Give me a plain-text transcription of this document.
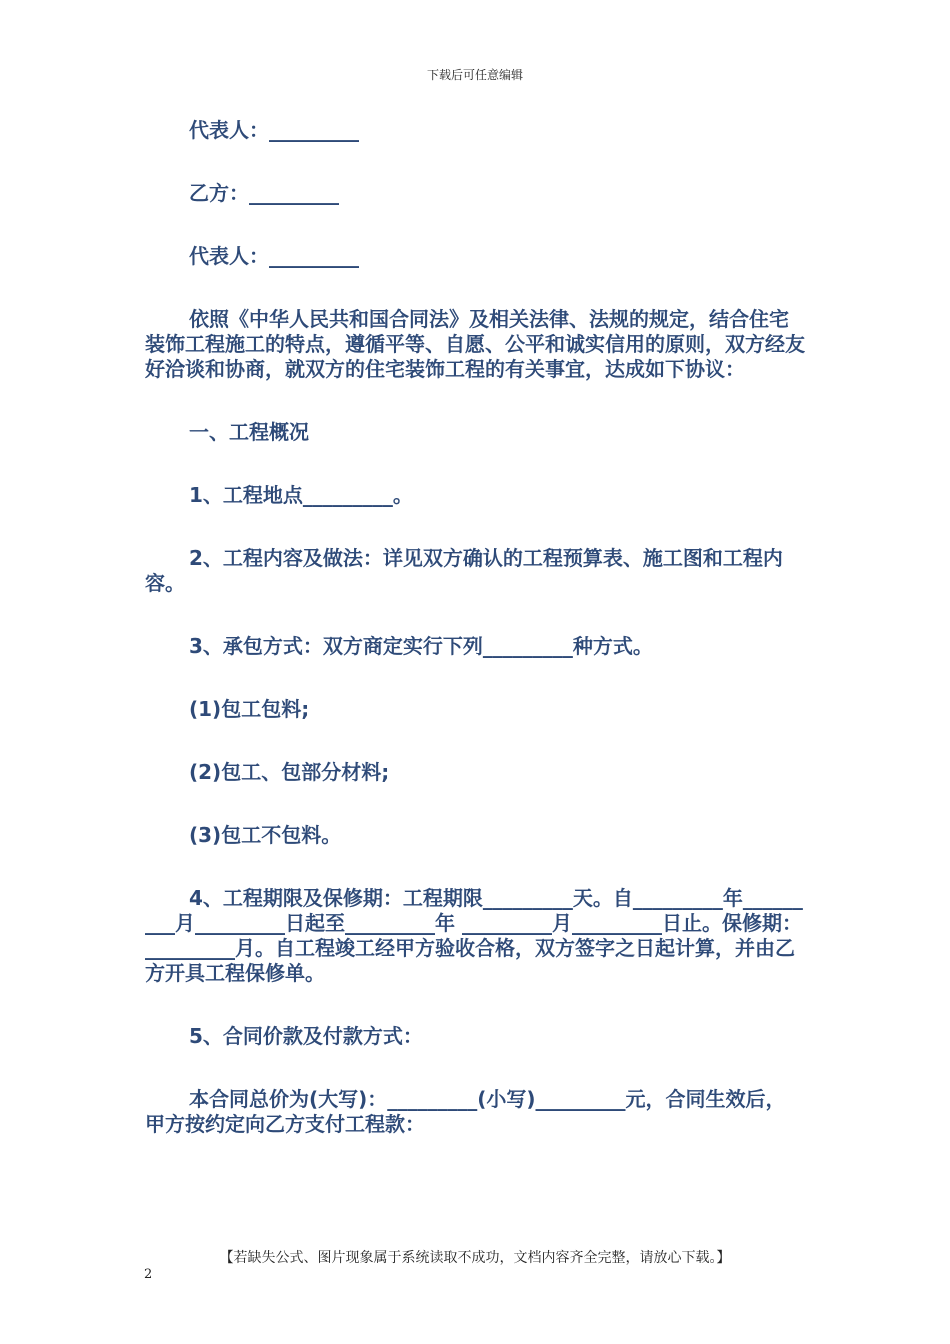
下载后可任意编辑

代表人：_________

乙方：_________

代表人：_________

依照《中华人民共和国合同法》及相关法律、法规的规定，结合住宅装饰工程施工的特点，遵循平等、自愿、公平和诚实信用的原则，双方经友好洽谈和协商，就双方的住宅装饰工程的有关事宜，达成如下协议：

一、工程概况

1、工程地点_________。

2、工程内容及做法：详见双方确认的工程预算表、施工图和工程内容。

3、承包方式：双方商定实行下列_________种方式。

(1)包工包料;

(2)包工、包部分材料;

(3)包工不包料。

4、工程期限及保修期：工程期限_________天。自_________年_________月_________日起至_________年 _________月_________日止。保修期：_________月。自工程竣工经甲方验收合格，双方签字之日起计算，并由乙方开具工程保修单。

5、合同价款及付款方式：

本合同总价为(大写)：_________(小写)_________元，合同生效后，甲方按约定向乙方支付工程款：

【若缺失公式、图片现象属于系统读取不成功，文档内容齐全完整，请放心下载。】
2
